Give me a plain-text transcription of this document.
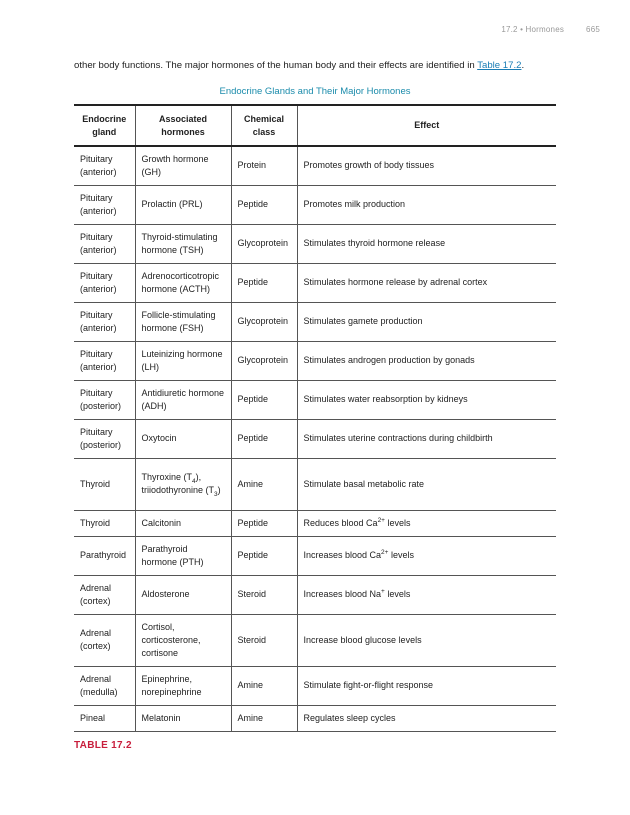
17.2 • Hormones	665
other body functions. The major hormones of the human body and their effects are identified in Table 17.2.
Endocrine Glands and Their Major Hormones
Endocrine gland	Associated hormones	Chemical class	Effect
Pituitary (anterior)	Growth hormone (GH)	Protein	Promotes growth of body tissues
Pituitary (anterior)	Prolactin (PRL)	Peptide	Promotes milk production
Pituitary (anterior)	Thyroid-stimulating hormone (TSH)	Glycoprotein	Stimulates thyroid hormone release
Pituitary (anterior)	Adrenocorticotropic hormone (ACTH)	Peptide	Stimulates hormone release by adrenal cortex
Pituitary (anterior)	Follicle-stimulating hormone (FSH)	Glycoprotein	Stimulates gamete production
Pituitary (anterior)	Luteinizing hormone (LH)	Glycoprotein	Stimulates androgen production by gonads
Pituitary (posterior)	Antidiuretic hormone (ADH)	Peptide	Stimulates water reabsorption by kidneys
Pituitary (posterior)	Oxytocin	Peptide	Stimulates uterine contractions during childbirth
Thyroid	Thyroxine $(T_4)$, triiodothyronine $(T_3)$	Amine	Stimulate basal metabolic rate
Thyroid	Calcitonin	Peptide	Reduces blood $Ca^{2+}$ levels
Parathyroid	Parathyroid hormone (PTH)	Peptide	Increases blood $Ca^{2+}$ levels
Adrenal (cortex)	Aldosterone	Steroid	Increases blood Na+ levels
Adrenal (cortex)	Cortisol, corticosterone, cortisone	Steroid	Increase blood glucose levels
Adrenal (medulla)	Epinephrine, norepinephrine	Amine	Stimulate fight-or-flight response
Pineal	Melatonin	Amine	Regulates sleep cycles
TABLE 17.2
